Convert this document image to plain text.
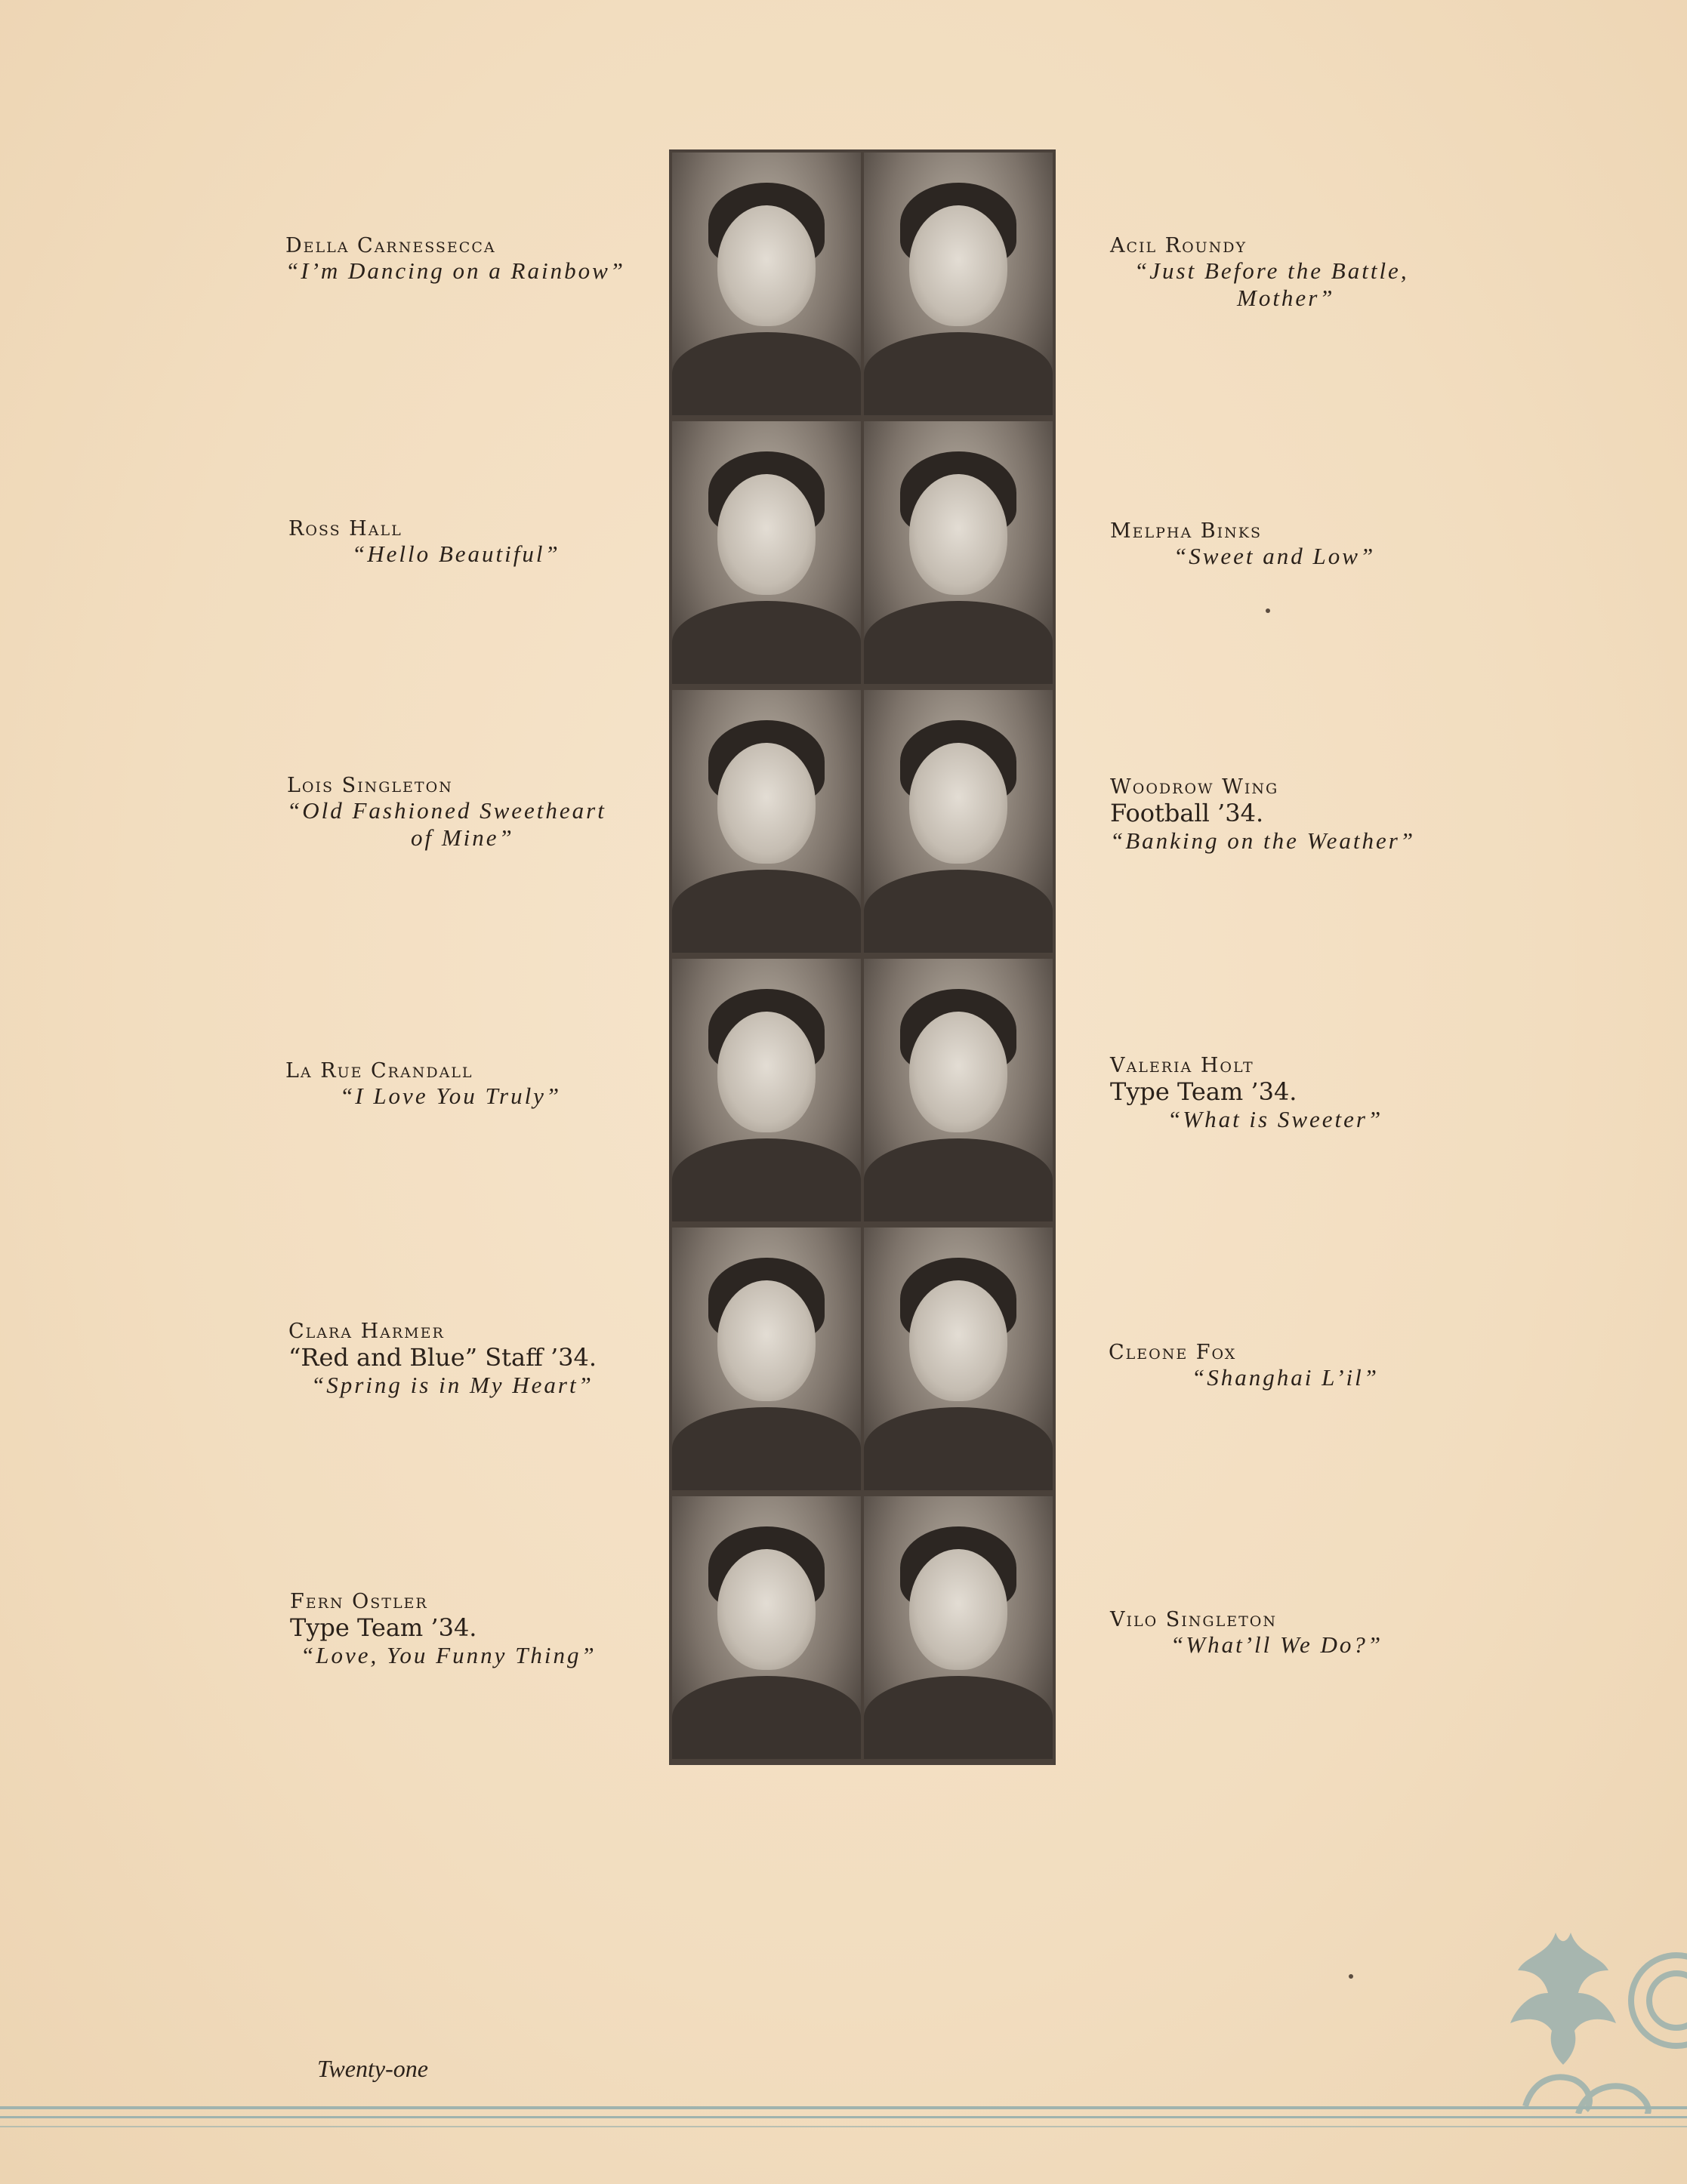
Della Carnessecca
“I’m Dancing on a Rainbow”
Ross Hall
“Hello Beautiful”
Lois Singleton
“Old Fashioned Sweetheart
of Mine”
La Rue Crandall
“I Love You Truly”
Clara Harmer
“Red and Blue” Staff ’34.
“Spring is in My Heart”
Fern Ostler
Type Team ’34.
“Love, You Funny Thing”
Acil Roundy
“Just Before the Battle,
Mother”
Melpha Binks
“Sweet and Low”
Woodrow Wing
Football ’34.
“Banking on the Weather”
Valeria Holt
Type Team ’34.
“What is Sweeter”
Cleone Fox
“Shanghai L’il”
Vilo Singleton
“What’ll We Do?”
Twenty-one
